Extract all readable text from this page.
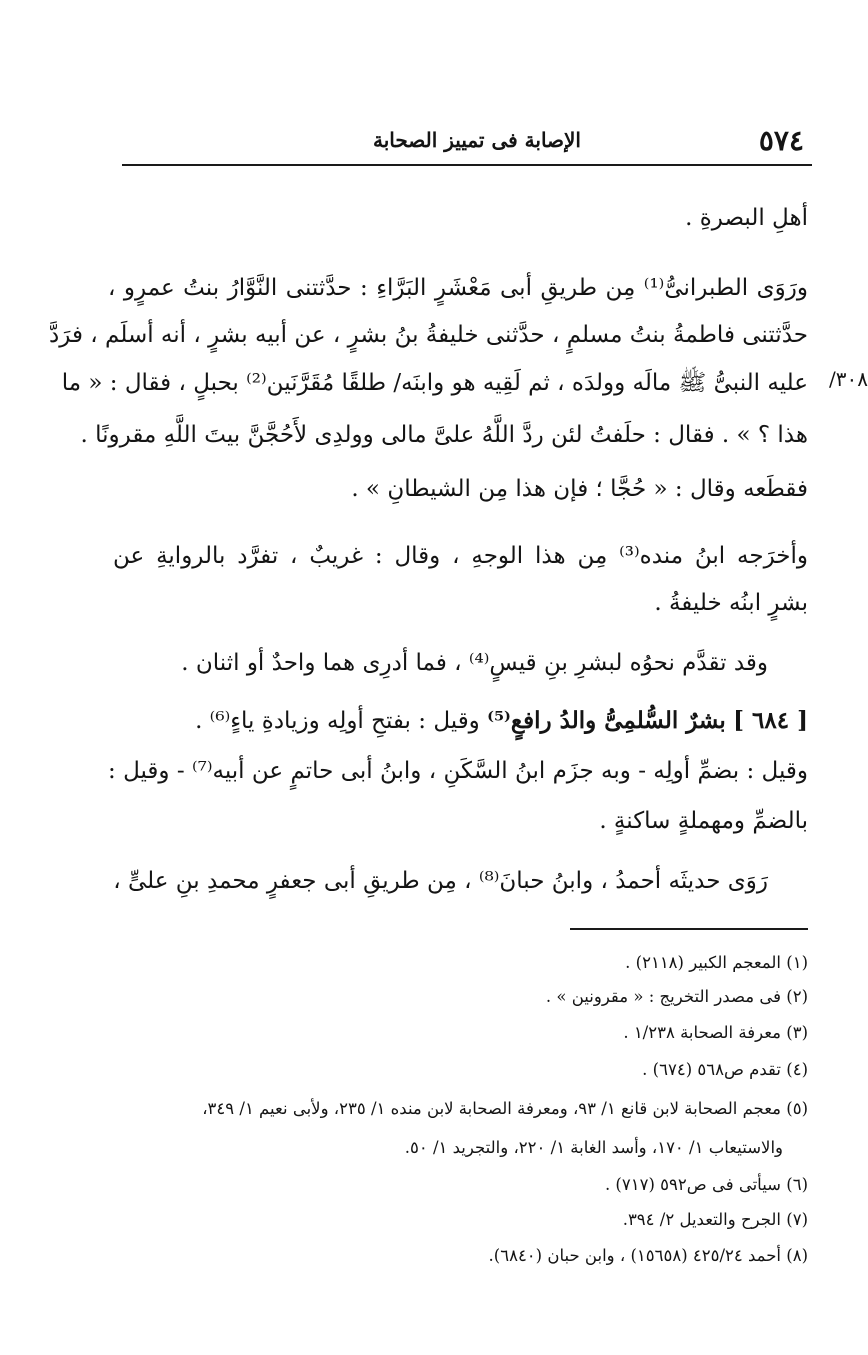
٥٧٤
الإصابة فى تمييز الصحابة
٣٠٨/
أهلِ البصرةِ .
ورَوَى الطبرانىُّ⁽¹⁾ مِن طريقِ أبى مَعْشَرٍ البَرَّاءِ : حدَّثتنى النَّوَّارُ بنتُ عمرٍو ،
حدَّثتنى فاطمةُ بنتُ مسلمٍ ، حدَّثنى خليفةُ بنُ بشرٍ ، عن أبيه بشرٍ ، أنه أسلَم ، فرَدَّ
عليه النبىُّ ﷺ مالَه وولدَه ، ثم لَقِيه هو وابنَه/ طلقًا مُقَرَّنَين⁽²⁾ بحبلٍ ، فقال : « ما
هذا ؟ » . فقال : حلَفتُ لئن ردَّ اللَّهُ علىَّ مالى وولدِى لأَحُجَّنَّ بيتَ اللَّهِ مقرونًا .
فقطَعه وقال : « حُجَّا ؛ فإن هذا مِن الشيطانِ » .
وأخرَجه ابنُ منده⁽³⁾ مِن هذا الوجهِ ، وقال : غريبٌ ، تفرَّد بالروايةِ عن
بشرٍ ابنُه خليفةُ .
وقد تقدَّم نحوُه لبشرِ بنِ قيسٍ⁽⁴⁾ ، فما أدرِى هما واحدٌ أو اثنان .
[ ٦٨٤ ] بشرٌ السُّلمِىُّ والدُ رافعٍ⁽⁵⁾ وقيل : بفتحِ أولِه وزيادةِ ياءٍ⁽⁶⁾ .
وقيل : بضمِّ أولِه - وبه جزَم ابنُ السَّكَنِ ، وابنُ أبى حاتمٍ عن أبيه⁽⁷⁾ - وقيل :
بالضمِّ ومهملةٍ ساكنةٍ .
رَوَى حديثَه أحمدُ ، وابنُ حبانَ⁽⁸⁾ ، مِن طريقِ أبى جعفرٍ محمدِ بنِ علىٍّ ،
(١) المعجم الكبير (٢١١٨) .
(٢) فى مصدر التخريج : « مقرونين » .
(٣) معرفة الصحابة ١/٢٣٨ .
(٤) تقدم ص٥٦٨ (٦٧٤) .
(٥) معجم الصحابة لابن قانع ١/ ٩٣، ومعرفة الصحابة لابن منده ١/ ٢٣٥، ولأبى نعيم ١/ ٣٤٩،
والاستيعاب ١/ ١٧٠، وأسد الغابة ١/ ٢٢٠، والتجريد ١/ ٥٠.
(٦) سيأتى فى ص٥٩٢ (٧١٧) .
(٧) الجرح والتعديل ٢/ ٣٩٤.
(٨) أحمد ٤٢٥/٢٤ (١٥٦٥٨) ، وابن حبان (٦٨٤٠).
